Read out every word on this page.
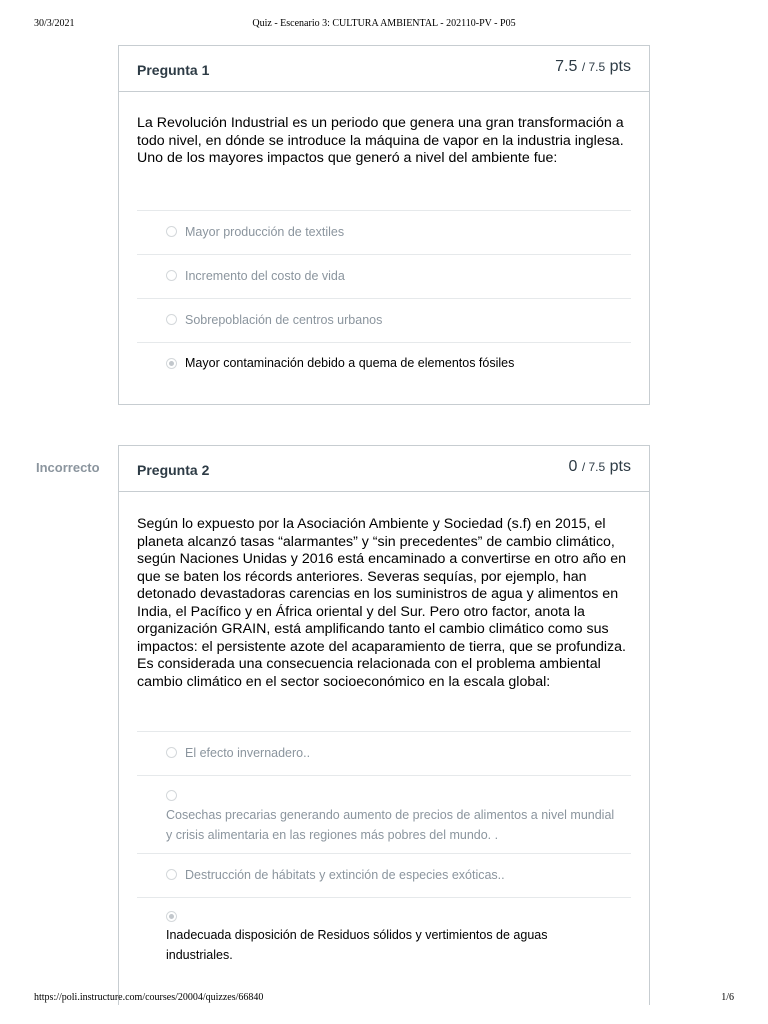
30/3/2021	Quiz - Escenario 3: CULTURA AMBIENTAL - 202110-PV - P05
Pregunta 1	7.5 / 7.5 pts
La Revolución Industrial es un periodo que genera una gran transformación a todo nivel, en dónde se introduce la máquina de vapor en la industria inglesa. Uno de los mayores impactos que generó a nivel del ambiente fue:
Mayor producción de textiles
Incremento del costo de vida
Sobrepoblación de centros urbanos
Mayor contaminación debido a quema de elementos fósiles
Incorrecto	Pregunta 2	0 / 7.5 pts
Según lo expuesto por la Asociación Ambiente y Sociedad (s.f) en 2015, el planeta alcanzó tasas “alarmantes” y “sin precedentes” de cambio climático, según Naciones Unidas y 2016 está encaminado a convertirse en otro año en que se baten los récords anteriores. Severas sequías, por ejemplo, han detonado devastadoras carencias en los suministros de agua y alimentos en India, el Pacífico y en África oriental y del Sur. Pero otro factor, anota la organización GRAIN, está amplificando tanto el cambio climático como sus impactos: el persistente azote del acaparamiento de tierra, que se profundiza.
Es considerada una consecuencia relacionada con el problema ambiental cambio climático en el sector socioeconómico en la escala global:
El efecto invernadero..
Cosechas precarias generando aumento de precios de alimentos a nivel mundial y crisis alimentaria en las regiones más pobres del mundo. .
Destrucción de hábitats y extinción de especies exóticas..
Inadecuada disposición de Residuos sólidos y vertimientos de aguas industriales.
https://poli.instructure.com/courses/20004/quizzes/66840	1/6
